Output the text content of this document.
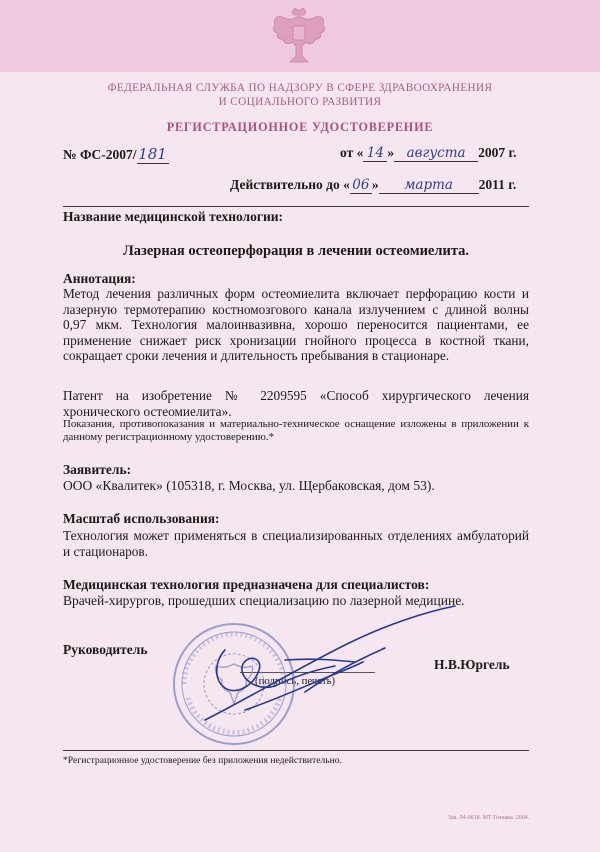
ФЕДЕРАЛЬНАЯ СЛУЖБА ПО НАДЗОРУ В СФЕРЕ ЗДРАВООХРАНЕНИЯ
И СОЦИАЛЬНОГО РАЗВИТИЯ
РЕГИСТРАЦИОННОЕ УДОСТОВЕРЕНИЕ
№ ФС-2007/ 181	от « 14 » августа 2007 г.
Действительно до « 06 » марта 2011 г.
Название медицинской технологии:
Лазерная остеоперфорация в лечении остеомиелита.
Аннотация:
Метод лечения различных форм остеомиелита включает перфорацию кости и лазерную термотерапию костномозгового канала излучением с длиной волны 0,97 мкм. Технология малоинвазивна, хорошо переносится пациентами, ее применение снижает риск хронизации гнойного процесса в костной ткани, сокращает сроки лечения и длительность пребывания в стационаре.
Патент на изобретение № 2209595 «Способ хирургического лечения хронического остеомиелита».
Показания, противопоказания и материально-техническое оснащение изложены в приложении к данному регистрационному удостоверению.*
Заявитель:
ООО «Квалитек» (105318, г. Москва, ул. Щербаковская, дом 53).
Масштаб использования:
Технология может применяться в специализированных отделениях амбулаторий и стационаров.
Медицинская технология предназначена для специалистов:
Врачей-хирургов, прошедших специализацию по лазерной медицине.
Руководитель
Н.В.Юргель
(подпись, печать)
*Регистрационное удостоверение без приложения недействительно.
Зак. 04-0618. МТ Гознака. 2004.
